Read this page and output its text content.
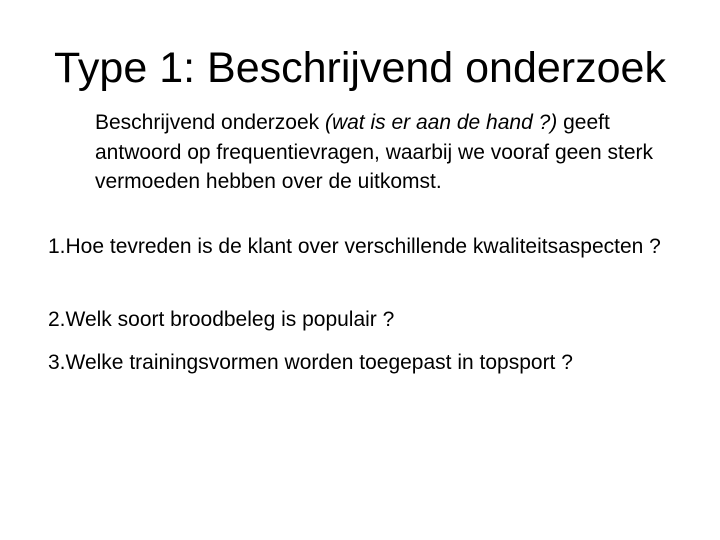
Type 1: Beschrijvend onderzoek

Beschrijvend onderzoek (wat is er aan de hand ?) geeft antwoord op frequentievragen, waarbij we vooraf geen sterk vermoeden hebben over de uitkomst.

1.Hoe tevreden is de klant over verschillende kwaliteitsaspecten ?
2.Welk soort broodbeleg is populair ?
3.Welke trainingsvormen worden toegepast in topsport ?
